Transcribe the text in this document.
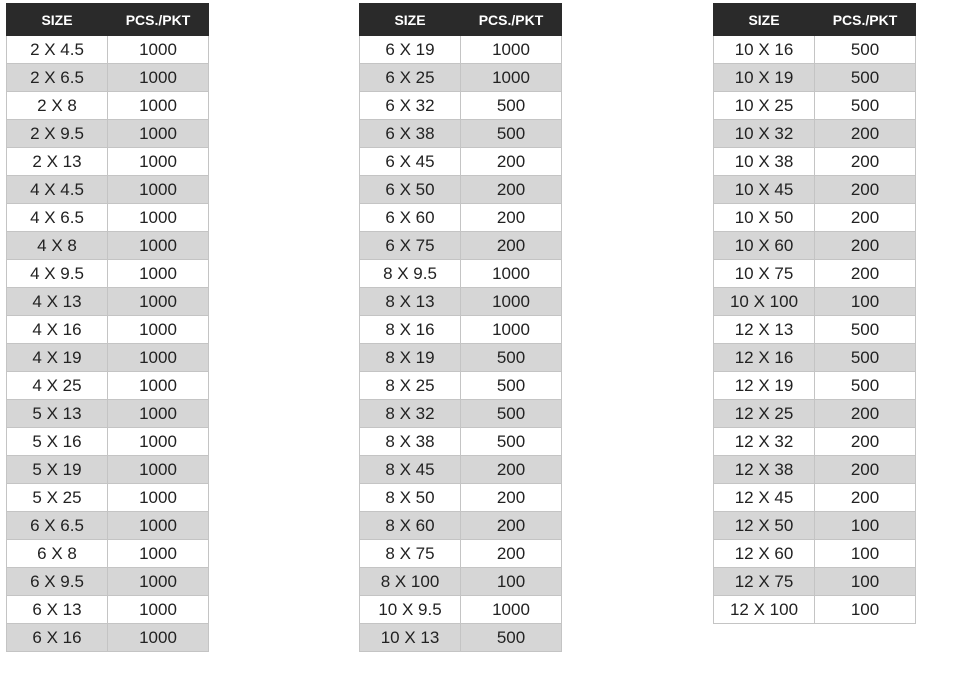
SIZE	PCS./PKT
2 X 4.5	1000
2 X 6.5	1000
2 X 8	1000
2 X 9.5	1000
2 X 13	1000
4 X 4.5	1000
4 X 6.5	1000
4 X 8	1000
4 X 9.5	1000
4 X 13	1000
4 X 16	1000
4 X 19	1000
4 X 25	1000
5 X 13	1000
5 X 16	1000
5 X 19	1000
5 X 25	1000
6 X 6.5	1000
6 X 8	1000
6 X 9.5	1000
6 X 13	1000
6 X 16	1000
SIZE	PCS./PKT
6 X 19	1000
6 X 25	1000
6 X 32	500
6 X 38	500
6 X 45	200
6 X 50	200
6 X 60	200
6 X 75	200
8 X 9.5	1000
8 X 13	1000
8 X 16	1000
8 X 19	500
8 X 25	500
8 X 32	500
8 X 38	500
8 X 45	200
8 X 50	200
8 X 60	200
8 X 75	200
8 X 100	100
10 X 9.5	1000
10 X 13	500
SIZE	PCS./PKT
10 X 16	500
10 X 19	500
10 X 25	500
10 X 32	200
10 X 38	200
10 X 45	200
10 X 50	200
10 X 60	200
10 X 75	200
10 X 100	100
12 X 13	500
12 X 16	500
12 X 19	500
12 X 25	200
12 X 32	200
12 X 38	200
12 X 45	200
12 X 50	100
12 X 60	100
12 X 75	100
12 X 100	100
